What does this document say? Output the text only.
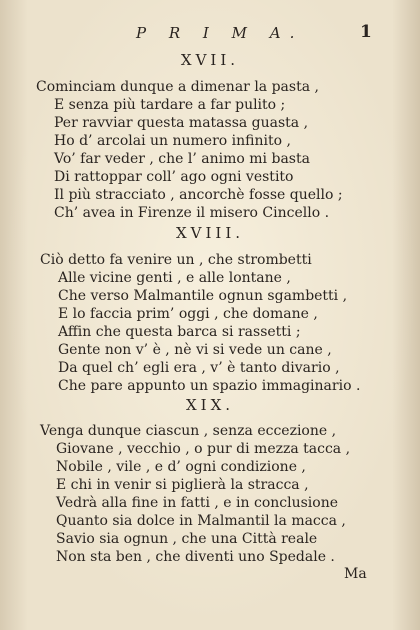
P R I M A.	1
XVII.
Cominciam dunque a dimenar la pasta ,
E senza più tardare a far pulito ;
Per ravviar questa matassa guasta ,
Ho d’ arcolai un numero infinito ,
Vo’ far veder , che l’ animo mi basta
Di rattoppar coll’ ago ogni vestito
Il più stracciato , ancorchè fosse quello ;
Ch’ avea in Firenze il misero Cincello .
XVIII.
Ciò detto fa venire un , che strombetti
Alle vicine genti , e alle lontane ,
Che verso Malmantile ognun sgambetti ,
E lo faccia prim’ oggi , che domane ,
Affin che questa barca si rassetti ;
Gente non v’ è , nè vi si vede un cane ,
Da quel ch’ egli era , v’ è tanto divario ,
Che pare appunto un spazio immaginario .
XIX.
Venga dunque ciascun , senza eccezione ,
Giovane , vecchio , o pur di mezza tacca ,
Nobile , vile , e d’ ogni condizione ,
E chi in venir si piglierà la stracca ,
Vedrà alla fine in fatti , e in conclusione
Quanto sia dolce in Malmantil la macca ,
Savio sia ognun , che una Città reale
Non sta ben , che diventi uno Spedale .
Ma
